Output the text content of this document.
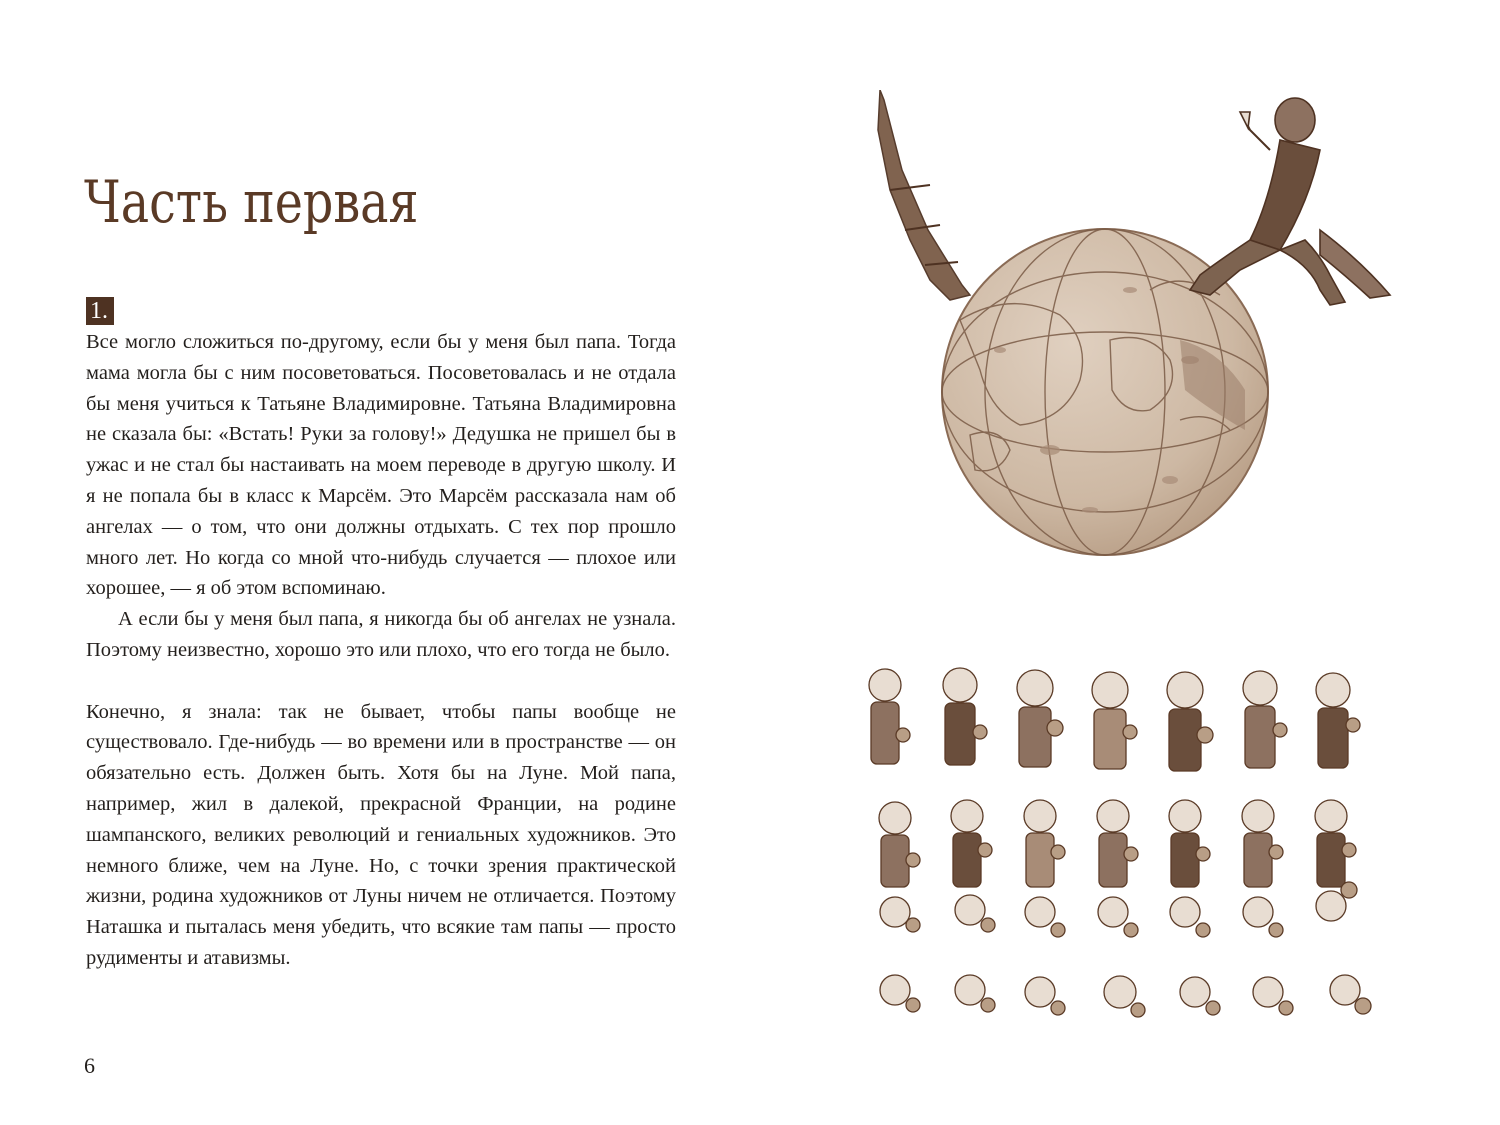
Часть первая
1.

Все могло сложиться по-другому, если бы у меня был папа. Тогда мама могла бы с ним посоветоваться. Посоветовалась и не отдала бы меня учиться к Татьяне Владимировне. Татьяна Владимировна не сказала бы: «Встать! Руки за голову!» Дедушка не пришел бы в ужас и не стал бы настаивать на моем переводе в другую школу. И я не попала бы в класс к Марсём. Это Марсём рассказала нам об ангелах — о том, что они должны отдыхать. С тех пор прошло много лет. Но когда со мной что-нибудь случается — плохое или хорошее, — я об этом вспоминаю.

А если бы у меня был папа, я никогда бы об ангелах не узнала. Поэтому неизвестно, хорошо это или плохо, что его тогда не было.

Конечно, я знала: так не бывает, чтобы папы вообще не существовало. Где-нибудь — во времени или в пространстве — он обязательно есть. Должен быть. Хотя бы на Луне. Мой папа, например, жил в далекой, прекрасной Франции, на родине шампанского, великих революций и гениальных художников. Это немного ближе, чем на Луне. Но, с точки зрения практической жизни, родина художников от Луны ничем не отличается. Поэтому Наташка и пыталась меня убедить, что всякие там папы — просто рудименты и атавизмы.

6
